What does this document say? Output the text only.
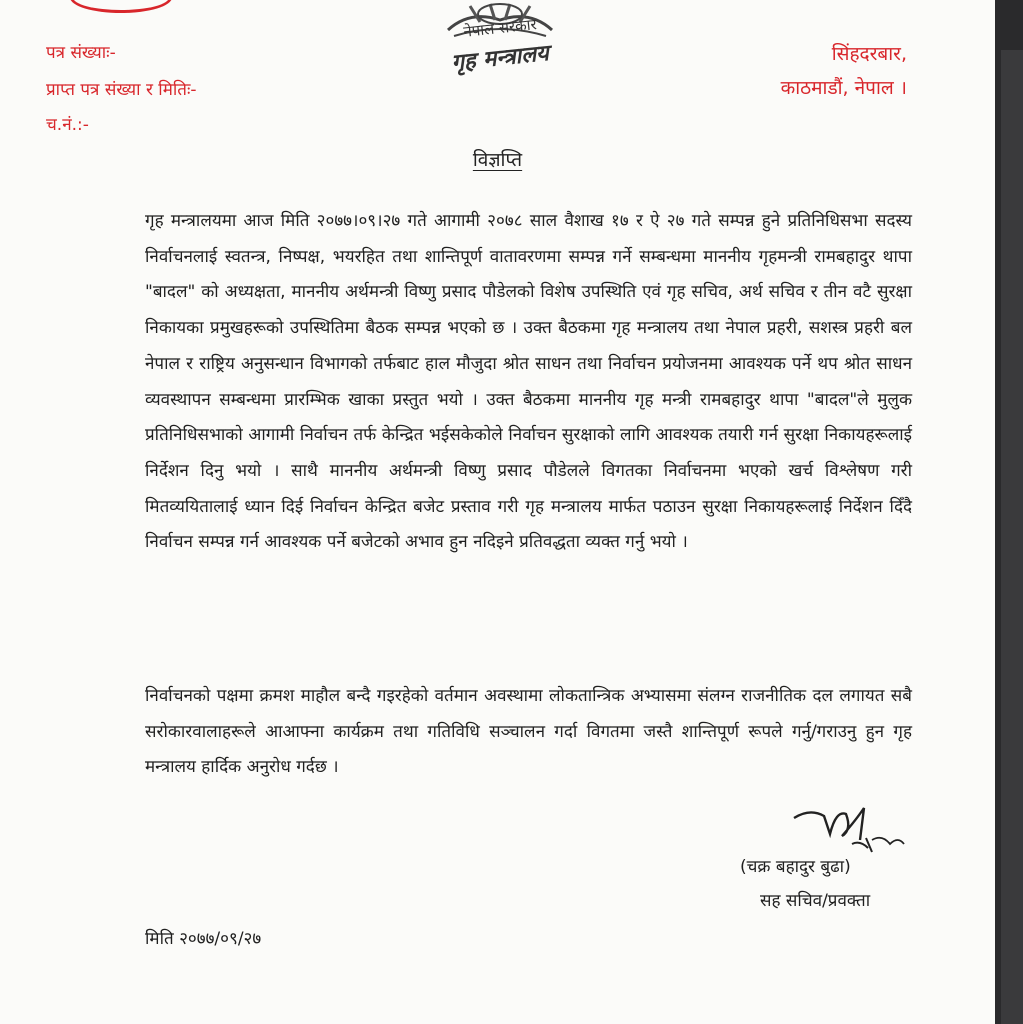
नेपाल सरकार
गृह मन्त्रालय
पत्र संख्याः-
प्राप्त पत्र संख्या र मितिः-
च.नं.:-
सिंहदरबार,
काठमाडौं, नेपाल ।
विज्ञप्ति

गृह मन्त्रालयमा आज मिति २०७७।०९।२७ गते आगामी २०७८ साल वैशाख १७ र ऐ २७ गते सम्पन्न हुने प्रतिनिधिसभा सदस्य निर्वाचनलाई स्वतन्त्र, निष्पक्ष, भयरहित तथा शान्तिपूर्ण वातावरणमा सम्पन्न गर्ने सम्बन्धमा माननीय गृहमन्त्री रामबहादुर थापा "बादल" को अध्यक्षता, माननीय अर्थमन्त्री विष्णु प्रसाद पौडेलको विशेष उपस्थिति एवं गृह सचिव, अर्थ सचिव र तीन वटै सुरक्षा निकायका प्रमुखहरूको उपस्थितिमा बैठक सम्पन्न भएको छ । उक्त बैठकमा गृह मन्त्रालय तथा नेपाल प्रहरी, सशस्त्र प्रहरी बल नेपाल र राष्ट्रिय अनुसन्धान विभागको तर्फबाट हाल मौजुदा श्रोत साधन तथा निर्वाचन प्रयोजनमा आवश्यक पर्ने थप श्रोत साधन व्यवस्थापन सम्बन्धमा प्रारम्भिक खाका प्रस्तुत भयो । उक्त बैठकमा माननीय गृह मन्त्री रामबहादुर थापा "बादल"ले मुलुक प्रतिनिधिसभाको आगामी निर्वाचन तर्फ केन्द्रित भईसकेकोले निर्वाचन सुरक्षाको लागि आवश्यक तयारी गर्न सुरक्षा निकायहरूलाई निर्देशन दिनु भयो । साथै माननीय अर्थमन्त्री विष्णु प्रसाद पौडेलले विगतका निर्वाचनमा भएको खर्च विश्लेषण गरी मितव्ययितालाई ध्यान दिई निर्वाचन केन्द्रित बजेट प्रस्ताव गरी गृह मन्त्रालय मार्फत पठाउन सुरक्षा निकायहरूलाई निर्देशन दिँदै निर्वाचन सम्पन्न गर्न आवश्यक पर्ने बजेटको अभाव हुन नदिइने प्रतिवद्धता व्यक्त गर्नु भयो ।

निर्वाचनको पक्षमा क्रमश माहौल बन्दै गइरहेको वर्तमान अवस्थामा लोकतान्त्रिक अभ्यासमा संलग्न राजनीतिक दल लगायत सबै सरोकारवालाहरूले आआफ्ना कार्यक्रम तथा गतिविधि सञ्चालन गर्दा विगतमा जस्तै शान्तिपूर्ण रूपले गर्नु/गराउनु हुन गृह मन्त्रालय हार्दिक अनुरोध गर्दछ ।

(चक्र बहादुर बुढा)
सह सचिव/प्रवक्ता
मिति २०७७/०९/२७
